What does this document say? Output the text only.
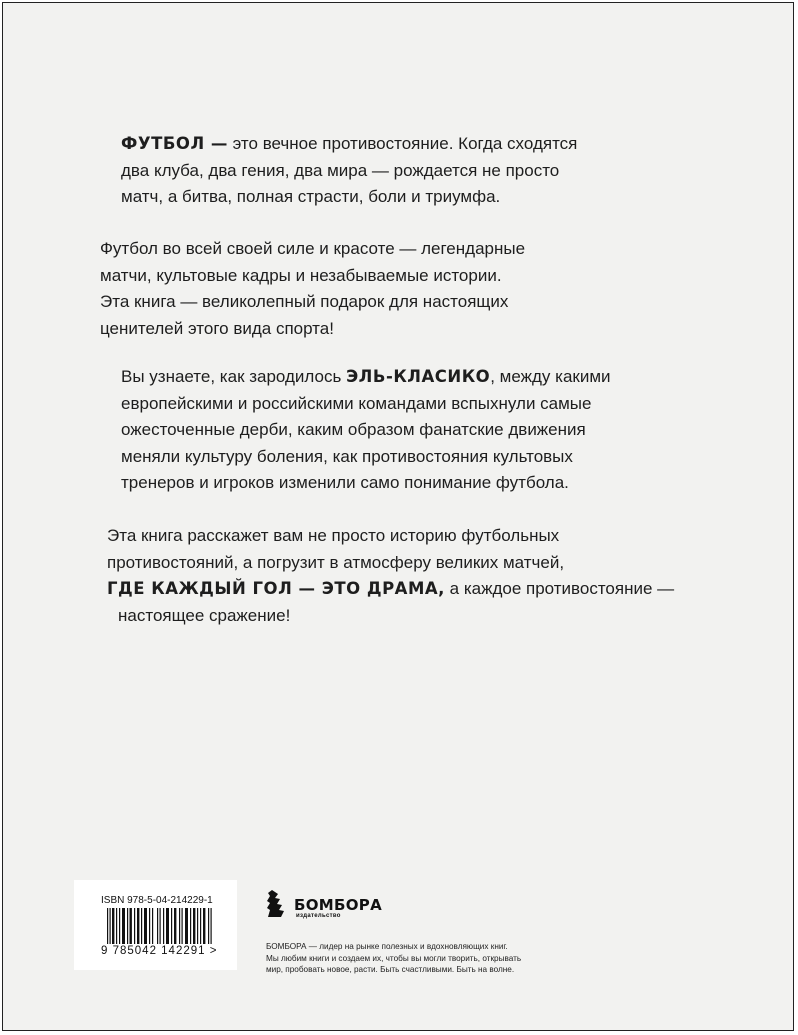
ФУТБОЛ — это вечное противостояние. Когда сходятся
два клуба, два гения, два мира — рождается не просто
матч, а битва, полная страсти, боли и триумфа.

Футбол во всей своей силе и красоте — легендарные
матчи, культовые кадры и незабываемые истории.
Эта книга — великолепный подарок для настоящих
ценителей этого вида спорта!

Вы узнаете, как зародилось ЭЛЬ-КЛАСИКО, между какими
европейскими и российскими командами вспыхнули самые
ожесточенные дерби, каким образом фанатские движения
меняли культуру боления, как противостояния культовых
тренеров и игроков изменили само понимание футбола.

Эта книга расскажет вам не просто историю футбольных
противостояний, а погрузит в атмосферу великих матчей,
ГДЕ КАЖДЫЙ ГОЛ — ЭТО ДРАМА, а каждое противостояние —
настоящее сражение!

ISBN 978-5-04-214229-1
9 785042 142291 >
БОМБОРА
издательство
БОМБОРА — лидер на рынке полезных и вдохновляющих книг.
Мы любим книги и создаем их, чтобы вы могли творить, открывать
мир, пробовать новое, расти. Быть счастливыми. Быть на волне.
